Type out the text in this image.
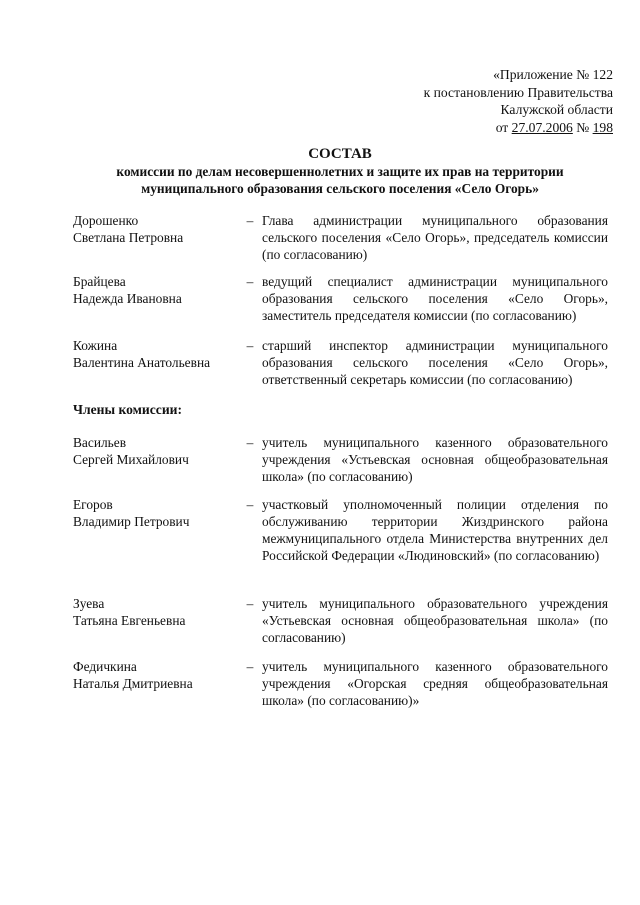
«Приложение № 122
к постановлению Правительства
Калужской области
от 27.07.2006 № 198
СОСТАВ
комиссии по делам несовершеннолетних и защите их прав на территории муниципального образования сельского поселения «Село Огорь»
Дорошенко
Светлана Петровна
– Глава администрации муниципального образования сельского поселения «Село Огорь», председатель комиссии (по согласованию)
Брайцева
Надежда Ивановна
– ведущий специалист администрации муниципального образования сельского поселения «Село Огорь», заместитель председателя комиссии (по согласованию)
Кожина
Валентина Анатольевна
– старший инспектор администрации муниципального образования сельского поселения «Село Огорь», ответственный секретарь комиссии (по согласованию)
Члены комиссии:
Васильев
Сергей Михайлович
– учитель муниципального казенного образовательного учреждения «Устьевская основная общеобразовательная школа» (по согласованию)
Егоров
Владимир Петрович
– участковый уполномоченный полиции отделения по обслуживанию территории Жиздринского района межмуниципального отдела Министерства внутренних дел Российской Федерации «Людиновский» (по согласованию)
Зуева
Татьяна Евгеньевна
– учитель муниципального образовательного учреждения «Устьевская основная общеобразовательная школа» (по согласованию)
Федичкина
Наталья Дмитриевна
– учитель муниципального казенного образовательного учреждения «Огорская средняя общеобразовательная школа» (по согласованию)»
